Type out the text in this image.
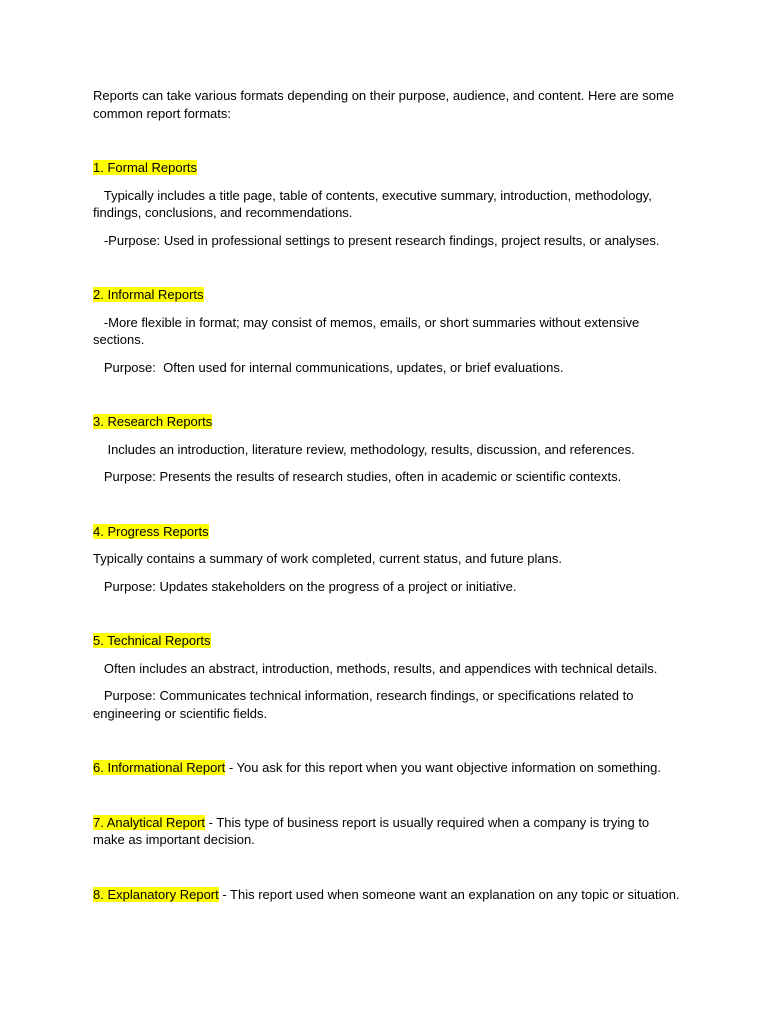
Reports can take various formats depending on their purpose, audience, and content. Here are some common report formats:

1. Formal Reports

Typically includes a title page, table of contents, executive summary, introduction, methodology, findings, conclusions, and recommendations.

-Purpose: Used in professional settings to present research findings, project results, or analyses.

2. Informal Reports

-More flexible in format; may consist of memos, emails, or short summaries without extensive sections.

Purpose:  Often used for internal communications, updates, or brief evaluations.

3. Research Reports

Includes an introduction, literature review, methodology, results, discussion, and references.

Purpose: Presents the results of research studies, often in academic or scientific contexts.

4. Progress Reports

Typically contains a summary of work completed, current status, and future plans.

Purpose: Updates stakeholders on the progress of a project or initiative.

5. Technical Reports

Often includes an abstract, introduction, methods, results, and appendices with technical details.

Purpose: Communicates technical information, research findings, or specifications related to engineering or scientific fields.

6. Informational Report - You ask for this report when you want objective information on something.

7. Analytical Report - This type of business report is usually required when a company is trying to make as important decision.

8. Explanatory Report - This report used when someone want an explanation on any topic or situation.
